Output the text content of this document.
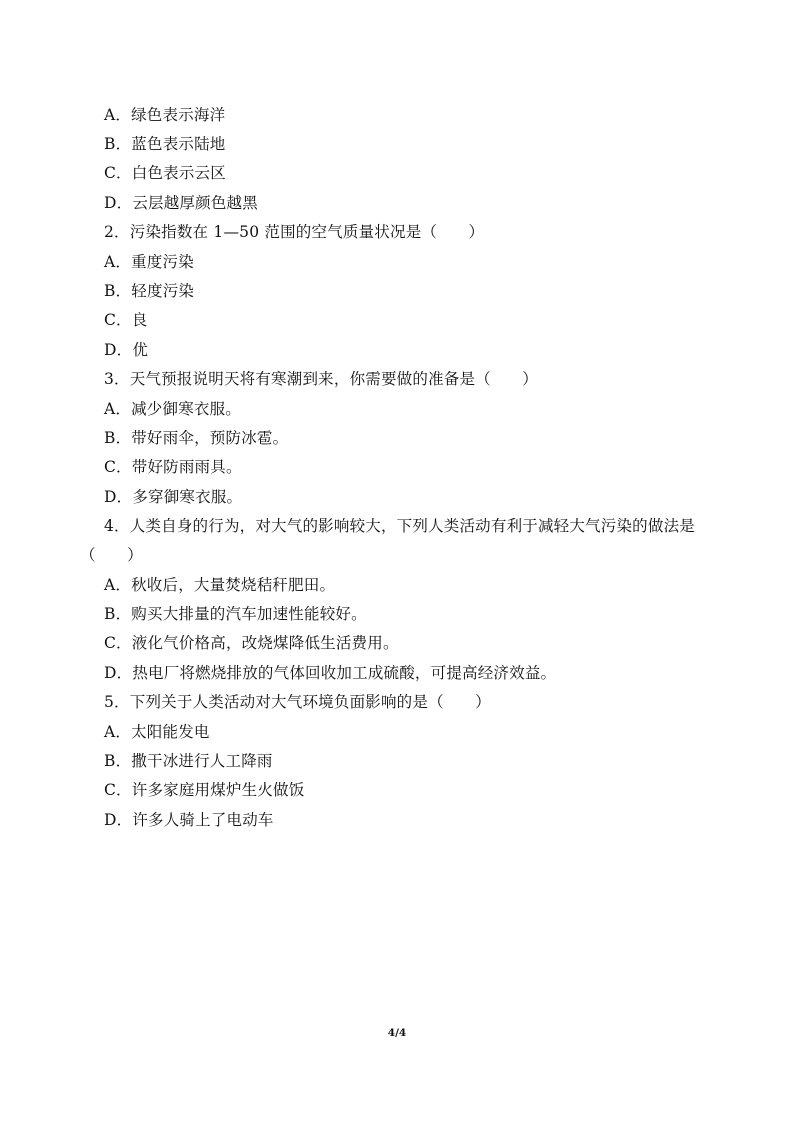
A．绿色表示海洋
B．蓝色表示陆地
C．白色表示云区
D．云层越厚颜色越黑
2．污染指数在 1—50 范围的空气质量状况是（　　）
A．重度污染
B．轻度污染
C．良
D．优
3．天气预报说明天将有寒潮到来，你需要做的准备是（　　）
A．减少御寒衣服。
B．带好雨伞，预防冰雹。
C．带好防雨雨具。
D．多穿御寒衣服。
4．人类自身的行为，对大气的影响较大，下列人类活动有利于减轻大气污染的做法是
（　　）
A．秋收后，大量焚烧秸秆肥田。
B．购买大排量的汽车加速性能较好。
C．液化气价格高，改烧煤降低生活费用。
D．热电厂将燃烧排放的气体回收加工成硫酸，可提高经济效益。
5．下列关于人类活动对大气环境负面影响的是（　　）
A．太阳能发电
B．撒干冰进行人工降雨
C．许多家庭用煤炉生火做饭
D．许多人骑上了电动车
4/4
